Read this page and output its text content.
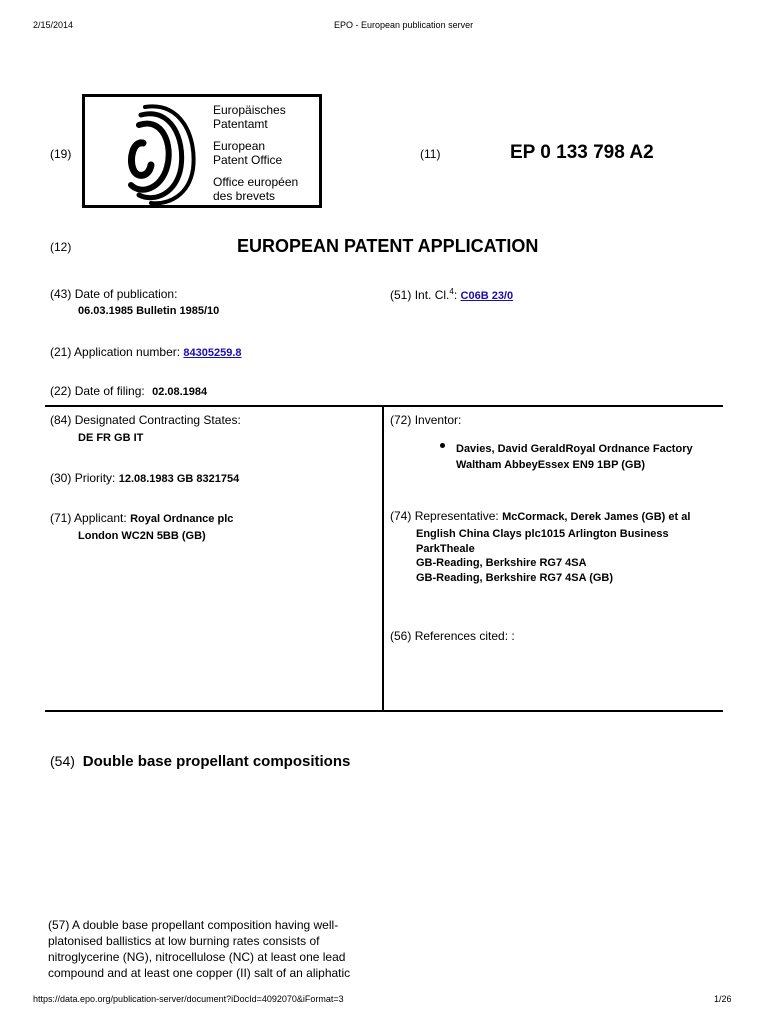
2/15/2014	EPO - European publication server
https://data.epo.org/publication-server/document?iDocId=4092070&iFormat=3	1/26
Europäisches
Patentamt
European
Patent Office
Office européen
des brevets
(19)	(11)	EP 0 133 798 A2
(12)	EUROPEAN PATENT APPLICATION
(43) Date of publication:
06.03.1985 Bulletin 1985/10
(51) Int. Cl.$^4$: C06B 23/0
(21) Application number: 84305259.8
(22) Date of filing: 02.08.1984
(84) Designated Contracting States:
DE FR GB IT
(30) Priority: 12.08.1983 GB 8321754
(71) Applicant: Royal Ordnance plc
London WC2N 5BB (GB)
(72) Inventor:
Davies, David GeraldRoyal Ordnance Factory
Waltham AbbeyEssex EN9 1BP (GB)
(74) Representative: McCormack, Derek James (GB) et al
English China Clays plc1015 Arlington Business
ParkTheale
GB-Reading, Berkshire RG7 4SA
GB-Reading, Berkshire RG7 4SA (GB)
(56) References cited: :
(54) Double base propellant compositions
(57) A double base propellant composition having well-
platonised ballistics at low burning rates consists of
nitroglycerine (NG), nitrocellulose (NC) at least one lead
compound and at least one copper (II) salt of an aliphatic
